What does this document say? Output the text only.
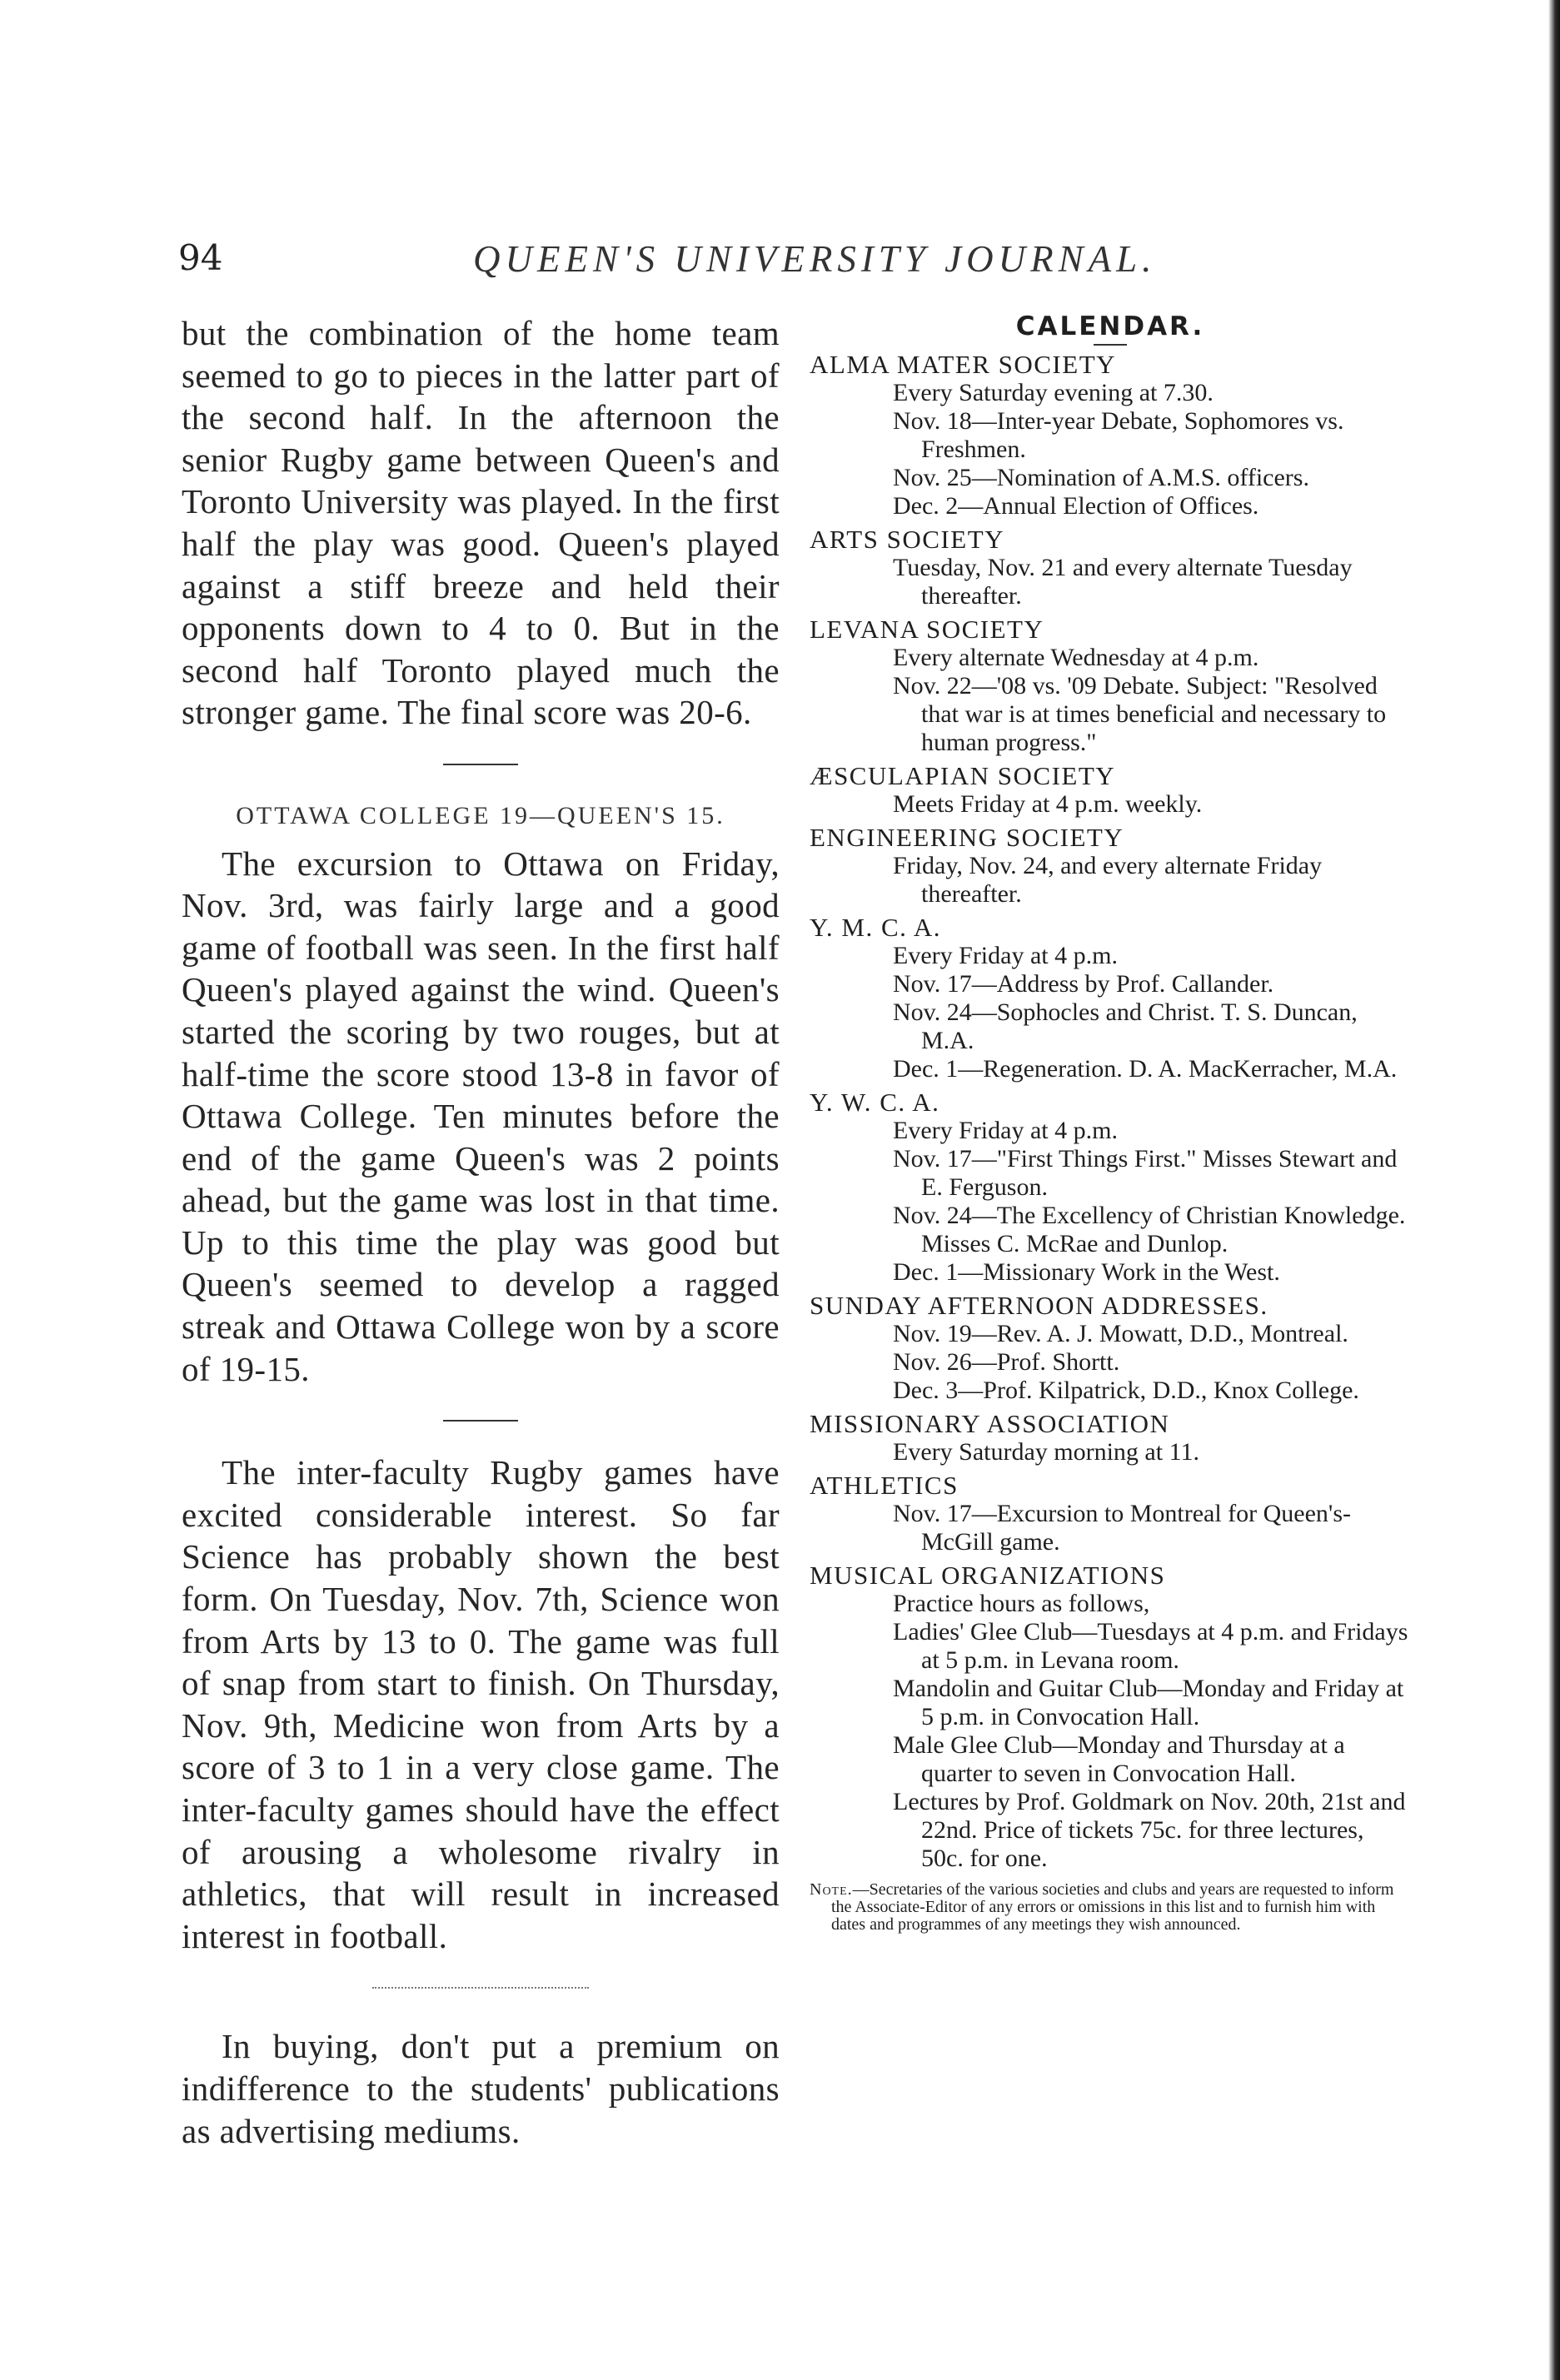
94	QUEEN'S UNIVERSITY JOURNAL.

but the combination of the home team seemed to go to pieces in the latter part of the second half. In the afternoon the senior Rugby game between Queen's and Toronto University was played. In the first half the play was good. Queen's played against a stiff breeze and held their opponents down to 4 to 0. But in the second half Toronto played much the stronger game. The final score was 20-6.

OTTAWA COLLEGE 19—QUEEN'S 15.

The excursion to Ottawa on Friday, Nov. 3rd, was fairly large and a good game of football was seen. In the first half Queen's played against the wind. Queen's started the scoring by two rouges, but at half-time the score stood 13-8 in favor of Ottawa College. Ten minutes before the end of the game Queen's was 2 points ahead, but the game was lost in that time. Up to this time the play was good but Queen's seemed to develop a ragged streak and Ottawa College won by a score of 19-15.

The inter-faculty Rugby games have excited considerable interest. So far Science has probably shown the best form. On Tuesday, Nov. 7th, Science won from Arts by 13 to 0. The game was full of snap from start to finish. On Thursday, Nov. 9th, Medicine won from Arts by a score of 3 to 1 in a very close game. The inter-faculty games should have the effect of arousing a wholesome rivalry in athletics, that will result in increased interest in football.

In buying, don't put a premium on indifference to the students' publications as advertising mediums.

CALENDAR.
ALMA MATER SOCIETY
Every Saturday evening at 7.30.
Nov. 18—Inter-year Debate, Sophomores vs. Freshmen.
Nov. 25—Nomination of A.M.S. officers.
Dec. 2—Annual Election of Offices.
ARTS SOCIETY
Tuesday, Nov. 21 and every alternate Tuesday thereafter.
LEVANA SOCIETY
Every alternate Wednesday at 4 p.m.
Nov. 22—'08 vs. '09 Debate. Subject: "Resolved that war is at times beneficial and necessary to human progress."
ÆSCULAPIAN SOCIETY
Meets Friday at 4 p.m. weekly.
ENGINEERING SOCIETY
Friday, Nov. 24, and every alternate Friday thereafter.
Y. M. C. A.
Every Friday at 4 p.m.
Nov. 17—Address by Prof. Callander.
Nov. 24—Sophocles and Christ. T. S. Duncan, M.A.
Dec. 1—Regeneration. D. A. MacKerracher, M.A.
Y. W. C. A.
Every Friday at 4 p.m.
Nov. 17—"First Things First." Misses Stewart and E. Ferguson.
Nov. 24—The Excellency of Christian Knowledge. Misses C. McRae and Dunlop.
Dec. 1—Missionary Work in the West.
SUNDAY AFTERNOON ADDRESSES.
Nov. 19—Rev. A. J. Mowatt, D.D., Montreal.
Nov. 26—Prof. Shortt.
Dec. 3—Prof. Kilpatrick, D.D., Knox College.
MISSIONARY ASSOCIATION
Every Saturday morning at 11.
ATHLETICS
Nov. 17—Excursion to Montreal for Queen's-McGill game.
MUSICAL ORGANIZATIONS
Practice hours as follows,
Ladies' Glee Club—Tuesdays at 4 p.m. and Fridays at 5 p.m. in Levana room.
Mandolin and Guitar Club—Monday and Friday at 5 p.m. in Convocation Hall.
Male Glee Club—Monday and Thursday at a quarter to seven in Convocation Hall.
Lectures by Prof. Goldmark on Nov. 20th, 21st and 22nd. Price of tickets 75c. for three lectures, 50c. for one.
Note.—Secretaries of the various societies and clubs and years are requested to inform the Associate-Editor of any errors or omissions in this list and to furnish him with dates and programmes of any meetings they wish announced.
